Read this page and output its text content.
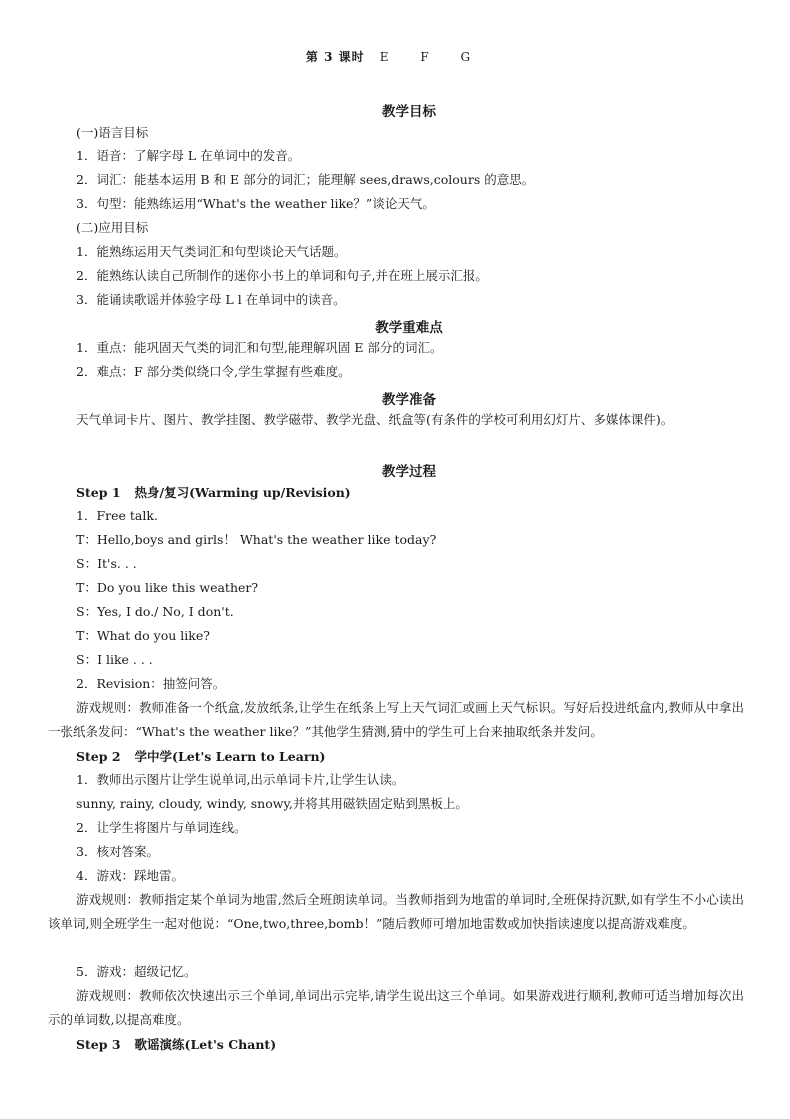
第 3 课时 E F G
教学目标
(一)语言目标
1．语音：了解字母 L 在单词中的发音。
2．词汇：能基本运用 B 和 E 部分的词汇；能理解 sees,draws,colours 的意思。
3．句型：能熟练运用“What's the weather like？”谈论天气。
(二)应用目标
1．能熟练运用天气类词汇和句型谈论天气话题。
2．能熟练认读自己所制作的迷你小书上的单词和句子,并在班上展示汇报。
3．能诵读歌谣并体验字母 L l 在单词中的读音。
教学重难点
1．重点：能巩固天气类的词汇和句型,能理解巩固 E 部分的词汇。
2．难点：F 部分类似绕口令,学生掌握有些难度。
教学准备
天气单词卡片、图片、教学挂图、教学磁带、教学光盘、纸盒等(有条件的学校可利用幻灯片、多媒体课件)。
教学过程
Step 1 热身/复习(Warming up/Revision)
1．Free talk.
T：Hello,boys and girls！ What's the weather like today?
S：It's. . .
T：Do you like this weather?
S：Yes, I do./ No, I don't.
T：What do you like?
S：I like . . .
2．Revision：抽签问答。
游戏规则：教师准备一个纸盒,发放纸条,让学生在纸条上写上天气词汇或画上天气标识。写好后投进纸盒内,教师从中拿出一张纸条发问：“What's the weather like？”其他学生猜测,猜中的学生可上台来抽取纸条并发问。
Step 2 学中学(Let's Learn to Learn)
1．教师出示图片让学生说单词,出示单词卡片,让学生认读。
sunny, rainy, cloudy, windy, snowy,并将其用磁铁固定贴到黑板上。
2．让学生将图片与单词连线。
3．核对答案。
4．游戏：踩地雷。
游戏规则：教师指定某个单词为地雷,然后全班朗读单词。当教师指到为地雷的单词时,全班保持沉默,如有学生不小心读出该单词,则全班学生一起对他说：“One,two,three,bomb！”随后教师可增加地雷数或加快指读速度以提高游戏难度。
5．游戏：超级记忆。
游戏规则：教师依次快速出示三个单词,单词出示完毕,请学生说出这三个单词。如果游戏进行顺利,教师可适当增加每次出示的单词数,以提高难度。
Step 3 歌谣演练(Let's Chant)
